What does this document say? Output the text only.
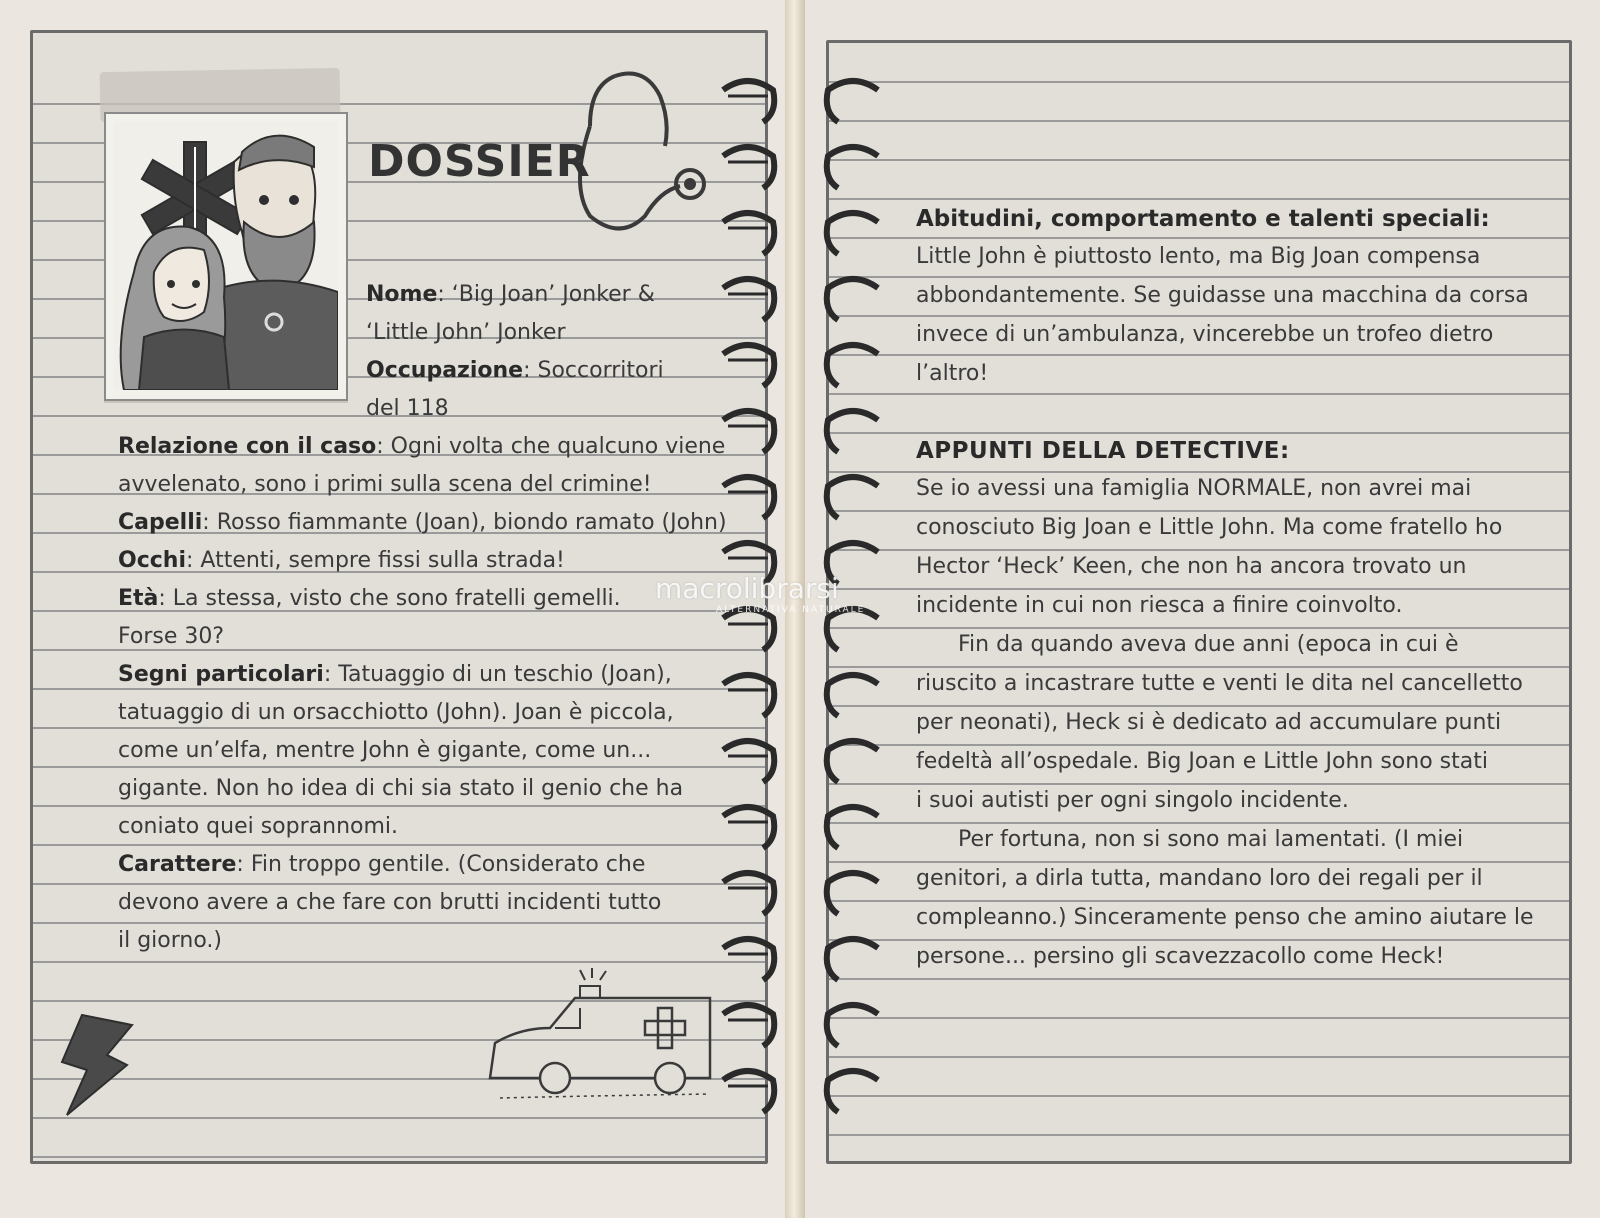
DOSSIER
Nome: ‘Big Joan’ Jonker &
‘Little John’ Jonker
Occupazione: Soccorritori
del 118
Relazione con il caso: Ogni volta che qualcuno viene
avvelenato, sono i primi sulla scena del crimine!
Capelli: Rosso fiammante (Joan), biondo ramato (John)
Occhi: Attenti, sempre fissi sulla strada!
Età: La stessa, visto che sono fratelli gemelli.
Forse 30?
Segni particolari: Tatuaggio di un teschio (Joan),
tatuaggio di un orsacchiotto (John). Joan è piccola,
come un’elfa, mentre John è gigante, come un...
gigante. Non ho idea di chi sia stato il genio che ha
coniato quei soprannomi.
Carattere: Fin troppo gentile. (Considerato che
devono avere a che fare con brutti incidenti tutto
il giorno.)
macrolibrarsi
ALTERNATIVA NATURALE
Abitudini, comportamento e talenti speciali:
Little John è piuttosto lento, ma Big Joan compensa
abbondantemente. Se guidasse una macchina da corsa
invece di un’ambulanza, vincerebbe un trofeo dietro
l’altro!
APPUNTI DELLA DETECTIVE:
Se io avessi una famiglia NORMALE, non avrei mai
conosciuto Big Joan e Little John. Ma come fratello ho
Hector ‘Heck’ Keen, che non ha ancora trovato un
incidente in cui non riesca a finire coinvolto.
Fin da quando aveva due anni (epoca in cui è
riuscito a incastrare tutte e venti le dita nel cancelletto
per neonati), Heck si è dedicato ad accumulare punti
fedeltà all’ospedale. Big Joan e Little John sono stati
i suoi autisti per ogni singolo incidente.
Per fortuna, non si sono mai lamentati. (I miei
genitori, a dirla tutta, mandano loro dei regali per il
compleanno.) Sinceramente penso che amino aiutare le
persone... persino gli scavezzacollo come Heck!
